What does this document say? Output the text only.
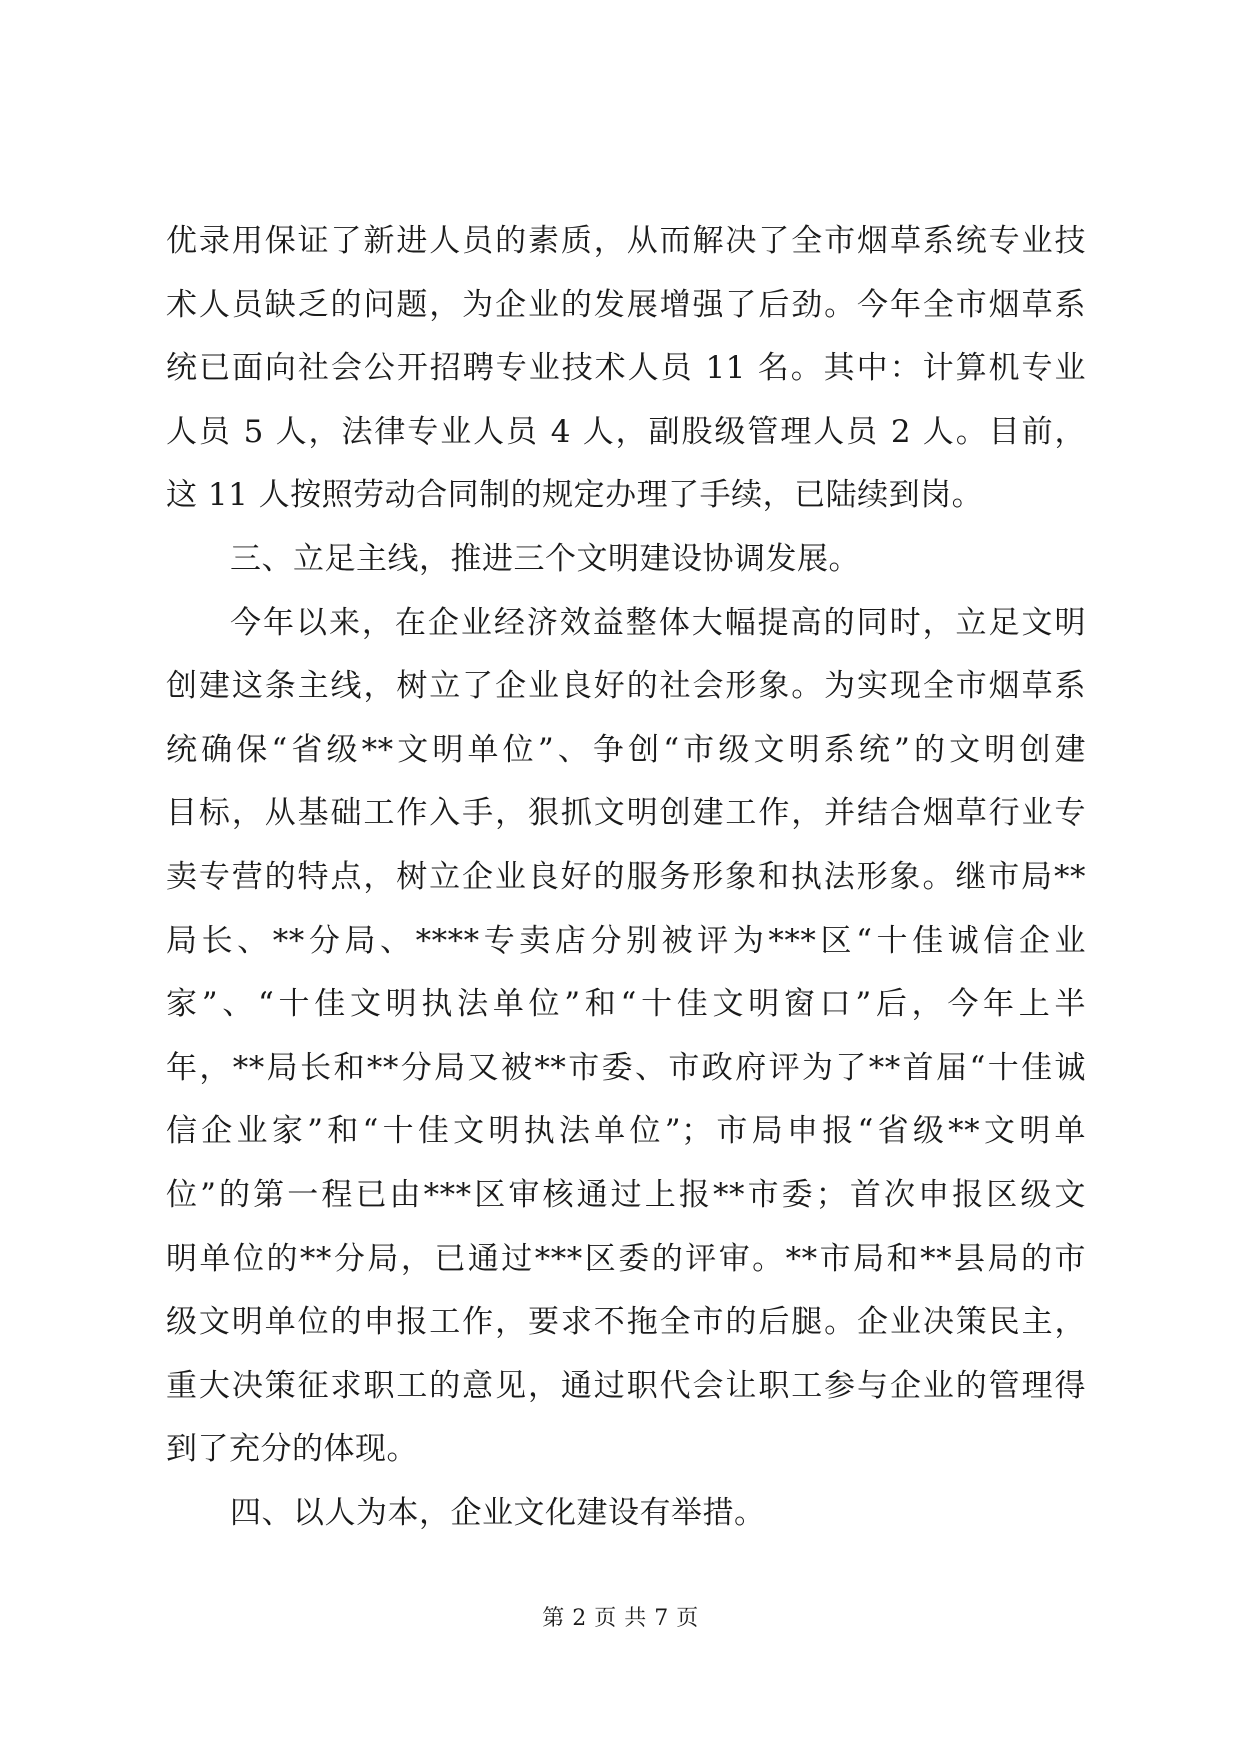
优录用保证了新进人员的素质，从而解决了全市烟草系统专业技
术人员缺乏的问题，为企业的发展增强了后劲。今年全市烟草系
统已面向社会公开招聘专业技术人员 11 名。其中：计算机专业
人员 5 人，法律专业人员 4 人，副股级管理人员 2 人。目前，
这 11 人按照劳动合同制的规定办理了手续，已陆续到岗。
三、立足主线，推进三个文明建设协调发展。
今年以来，在企业经济效益整体大幅提高的同时，立足文明
创建这条主线，树立了企业良好的社会形象。为实现全市烟草系
统确保“省级**文明单位”、争创“市级文明系统”的文明创建
目标，从基础工作入手，狠抓文明创建工作，并结合烟草行业专
卖专营的特点，树立企业良好的服务形象和执法形象。继市局**
局长、**分局、****专卖店分别被评为***区“十佳诚信企业
家”、“十佳文明执法单位”和“十佳文明窗口”后，今年上半
年，**局长和**分局又被**市委、市政府评为了**首届“十佳诚
信企业家”和“十佳文明执法单位”；市局申报“省级**文明单
位”的第一程已由***区审核通过上报**市委；首次申报区级文
明单位的**分局，已通过***区委的评审。**市局和**县局的市
级文明单位的申报工作，要求不拖全市的后腿。企业决策民主，
重大决策征求职工的意见，通过职代会让职工参与企业的管理得
到了充分的体现。
四、以人为本，企业文化建设有举措。
第 2 页 共 7 页
